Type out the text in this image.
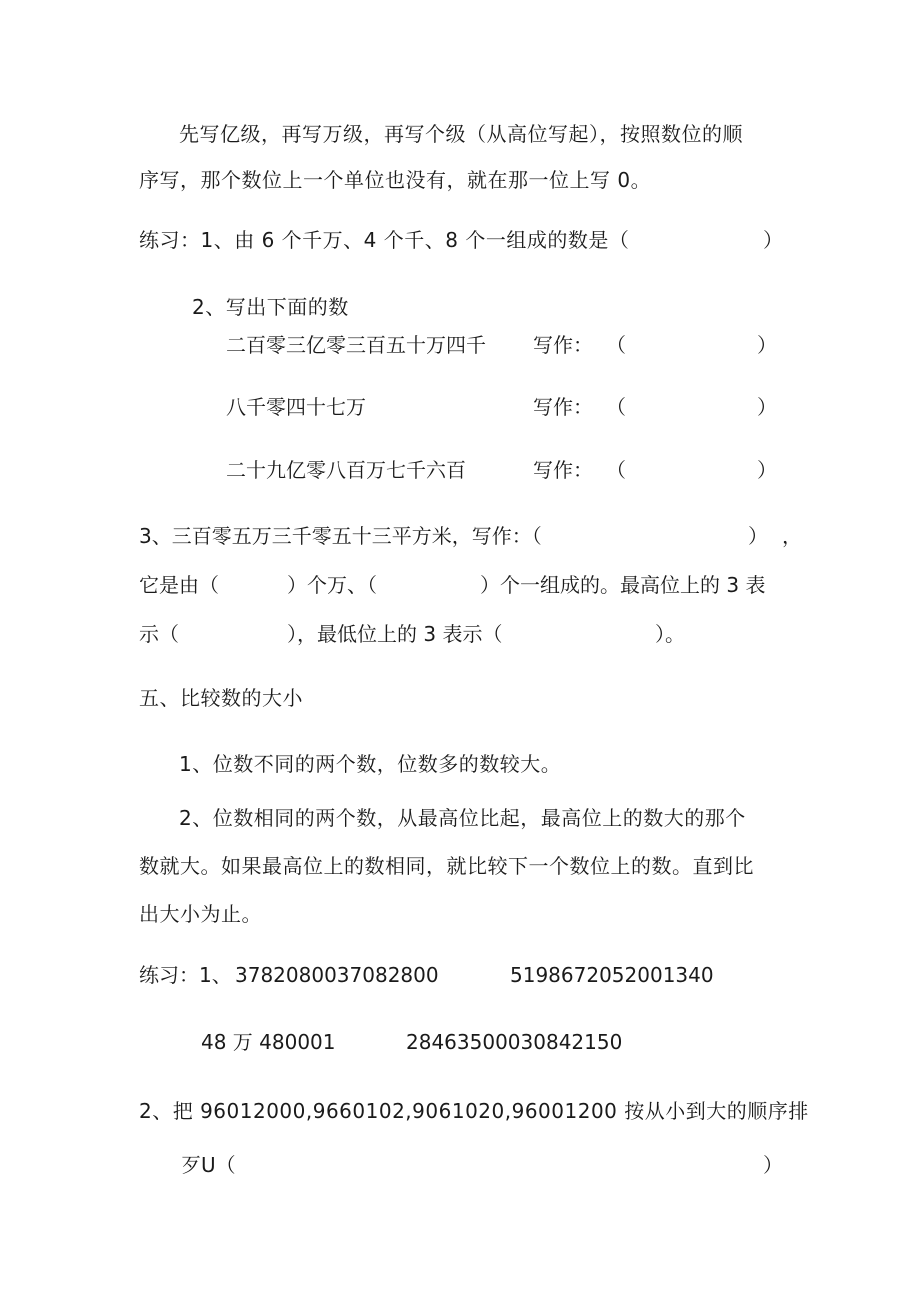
先写亿级，再写万级，再写个级（从高位写起），按照数位的顺

序写，那个数位上一个单位也没有，就在那一位上写 0。

练习：1、由 6 个千万、4 个千、8 个一组成的数是（	）

2、写出下面的数

二百零三亿零三百五十万四千 写作： （	）
八千零四十七万	写作： （	）
二十九亿零八百万七千六百	写作： （	）
3、三百零五万三千零五十三平方米，写作：（	） ，
它是由（	）个万、（	）个一组成的。最高位上的 3 表
示（	），最低位上的 3 表示（	）。

五、比较数的大小

1、位数不同的两个数，位数多的数较大。

2、位数相同的两个数，从最高位比起，最高位上的数大的那个

数就大。如果最高位上的数相同，就比较下一个数位上的数。直到比

出大小为止。

练习：1、 3782080037082800	5198672052001340
48 万 480001	28463500030842150

2、把 96012000,9660102,9061020,96001200 按从小到大的顺序排

歹U（	）
